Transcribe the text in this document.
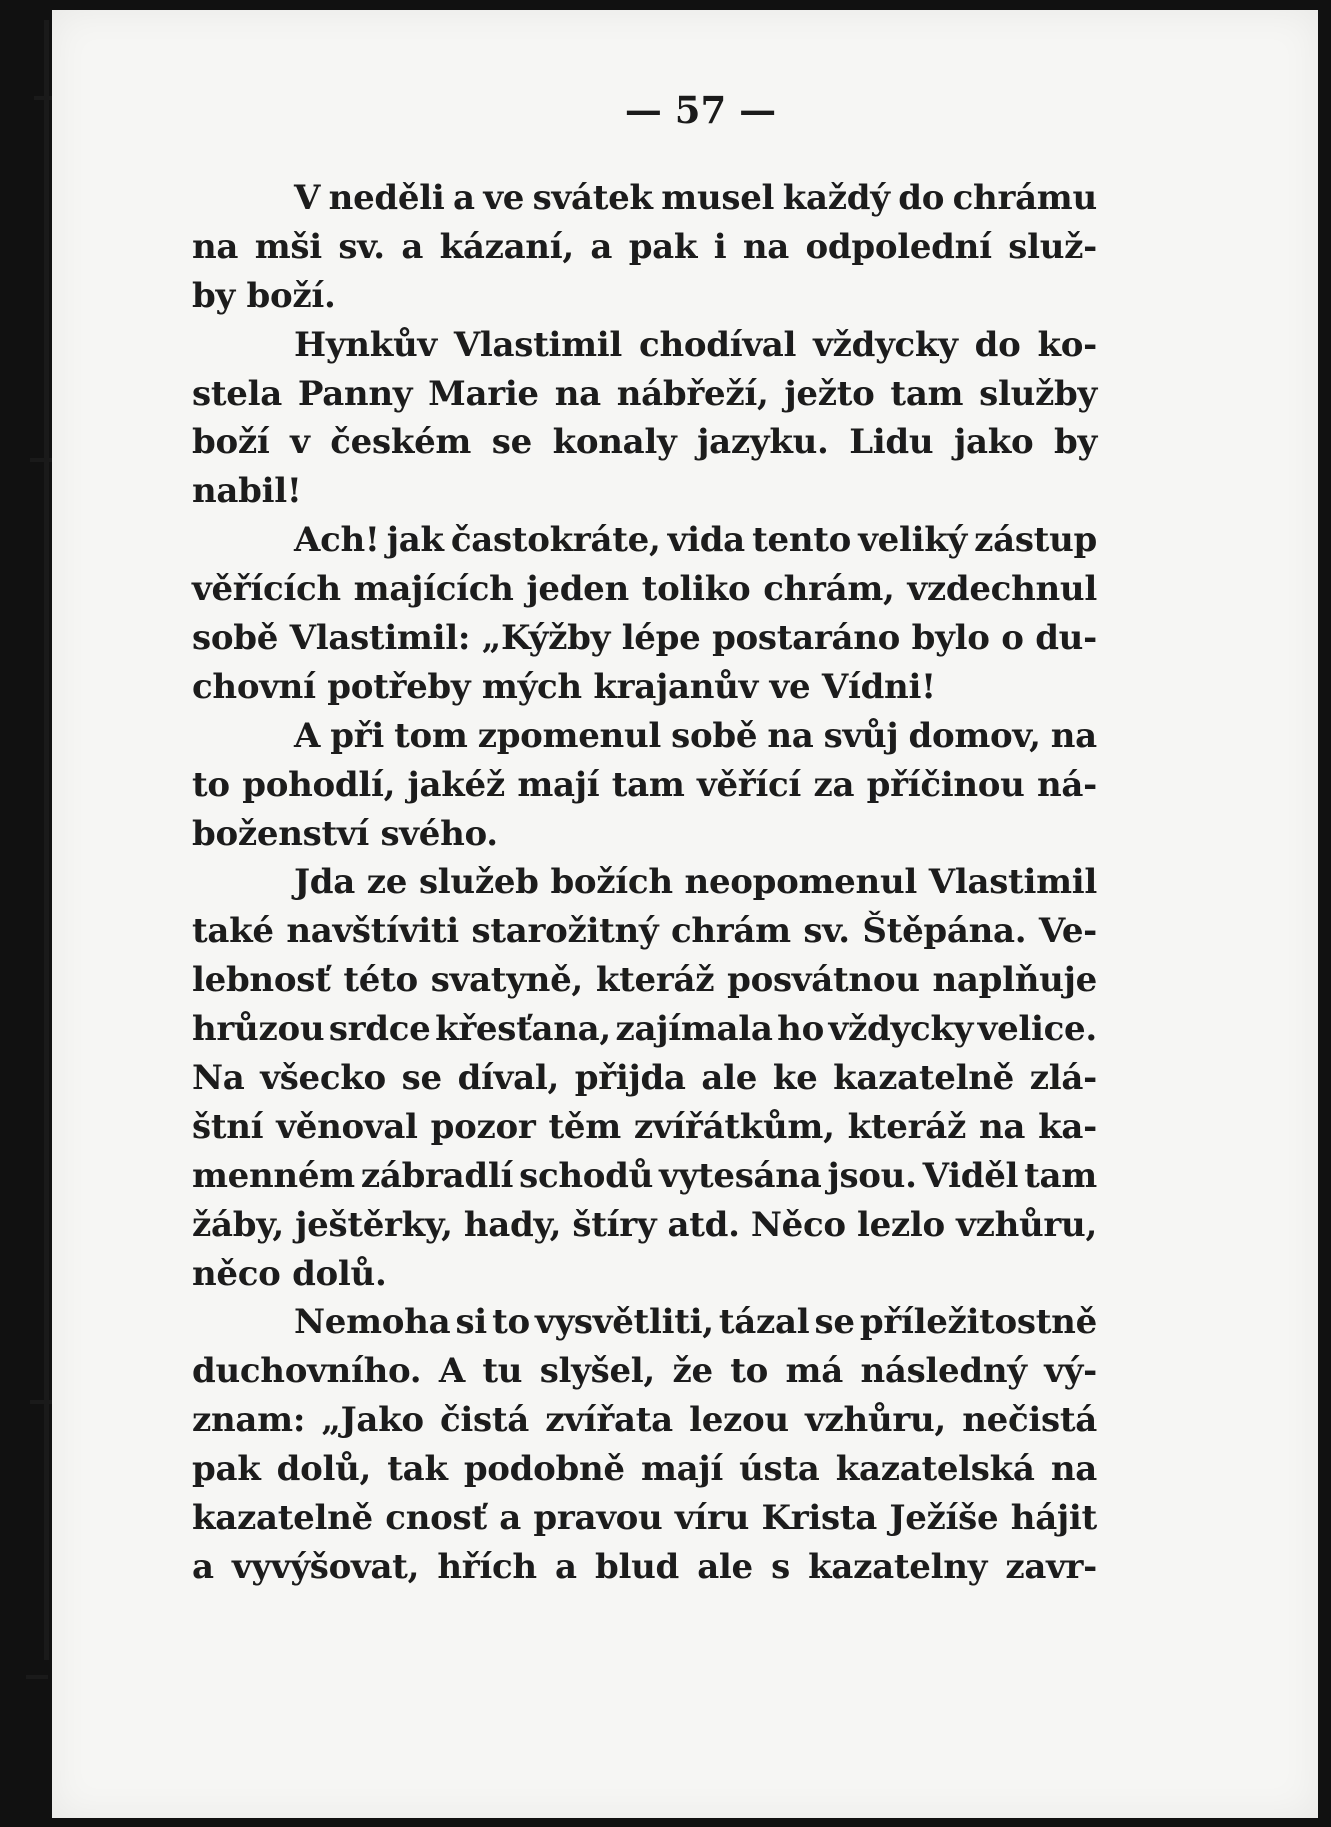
— 57 —
V neděli a ve svátek musel každý do chrámu
na mši sv. a kázaní, a pak i na odpolední služ-
by boží.
Hynkův Vlastimil chodíval vždycky do ko-
stela Panny Marie na nábřeží, ježto tam služby
boží v českém se konaly jazyku. Lidu jako by
nabil!
Ach! jak častokráte, vida tento veliký zástup
věřících majících jeden toliko chrám, vzdechnul
sobě Vlastimil: „Kýžby lépe postaráno bylo o du-
chovní potřeby mých krajanův ve Vídni!
A při tom zpomenul sobě na svůj domov, na
to pohodlí, jakéž mají tam věřící za příčinou ná-
boženství svého.
Jda ze služeb božích neopomenul Vlastimil
také navštíviti starožitný chrám sv. Štěpána. Ve-
lebnosť této svatyně, kteráž posvátnou naplňuje
hrůzou srdce křesťana, zajímala ho vždycky velice.
Na všecko se díval, přijda ale ke kazatelně zlá-
štní věnoval pozor těm zvířátkům, kteráž na ka-
menném zábradlí schodů vytesána jsou. Viděl tam
žáby, ještěrky, hady, štíry atd. Něco lezlo vzhůru,
něco dolů.
Nemoha si to vysvětliti, tázal se příležitostně
duchovního. A tu slyšel, že to má následný vý-
znam: „Jako čistá zvířata lezou vzhůru, nečistá
pak dolů, tak podobně mají ústa kazatelská na
kazatelně cnosť a pravou víru Krista Ježíše hájit
a vyvýšovat, hřích a blud ale s kazatelny zavr-
